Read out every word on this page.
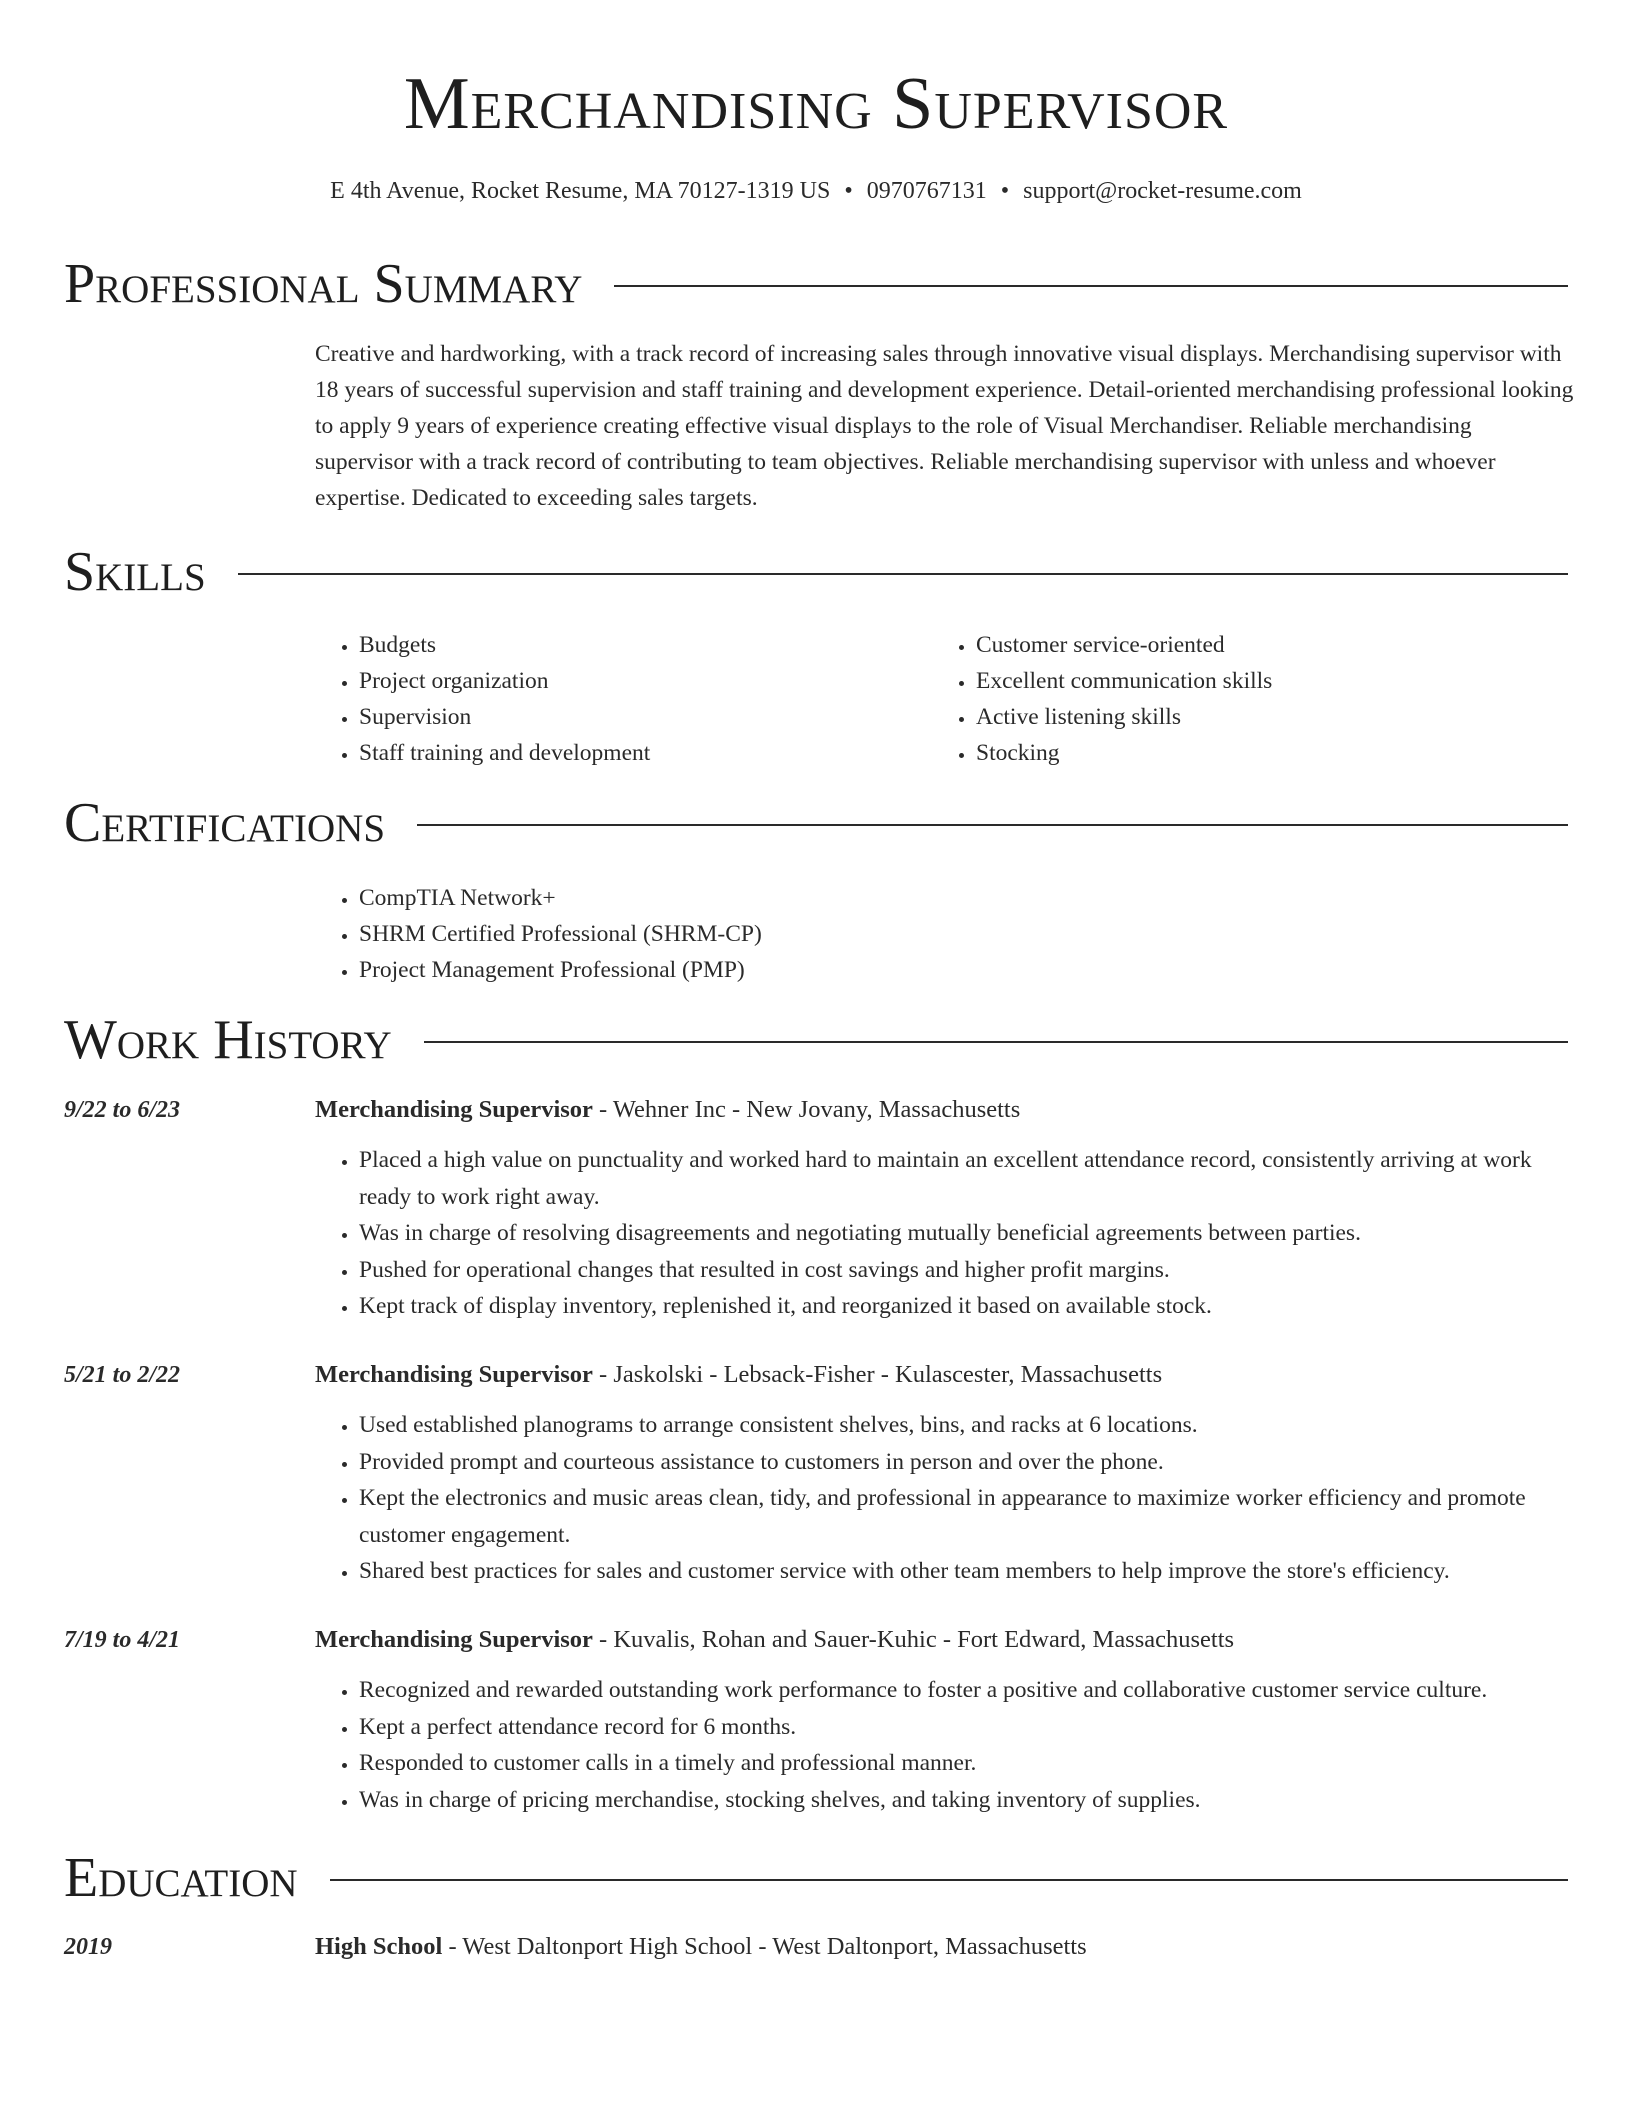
Merchandising Supervisor
E 4th Avenue, Rocket Resume, MA 70127-1319 US • 0970767131 • support@rocket-resume.com
Professional Summary

Creative and hardworking, with a track record of increasing sales through innovative visual displays. Merchandising supervisor with 18 years of successful supervision and staff training and development experience. Detail-oriented merchandising professional looking to apply 9 years of experience creating effective visual displays to the role of Visual Merchandiser. Reliable merchandising supervisor with a track record of contributing to team objectives. Reliable merchandising supervisor with unless and whoever expertise. Dedicated to exceeding sales targets.

Skills
• Budgets
• Project organization
• Supervision
• Staff training and development
• Customer service-oriented
• Excellent communication skills
• Active listening skills
• Stocking
Certifications
• CompTIA Network+
• SHRM Certified Professional (SHRM-CP)
• Project Management Professional (PMP)
Work History
9/22 to 6/23	Merchandising Supervisor - Wehner Inc - New Jovany, Massachusetts
• Placed a high value on punctuality and worked hard to maintain an excellent attendance record, consistently arriving at work ready to work right away.
• Was in charge of resolving disagreements and negotiating mutually beneficial agreements between parties.
• Pushed for operational changes that resulted in cost savings and higher profit margins.
• Kept track of display inventory, replenished it, and reorganized it based on available stock.
5/21 to 2/22	Merchandising Supervisor - Jaskolski - Lebsack-Fisher - Kulascester, Massachusetts
• Used established planograms to arrange consistent shelves, bins, and racks at 6 locations.
• Provided prompt and courteous assistance to customers in person and over the phone.
• Kept the electronics and music areas clean, tidy, and professional in appearance to maximize worker efficiency and promote customer engagement.
• Shared best practices for sales and customer service with other team members to help improve the store's efficiency.
7/19 to 4/21	Merchandising Supervisor - Kuvalis, Rohan and Sauer-Kuhic - Fort Edward, Massachusetts
• Recognized and rewarded outstanding work performance to foster a positive and collaborative customer service culture.
• Kept a perfect attendance record for 6 months.
• Responded to customer calls in a timely and professional manner.
• Was in charge of pricing merchandise, stocking shelves, and taking inventory of supplies.
Education
2019	High School - West Daltonport High School - West Daltonport, Massachusetts
